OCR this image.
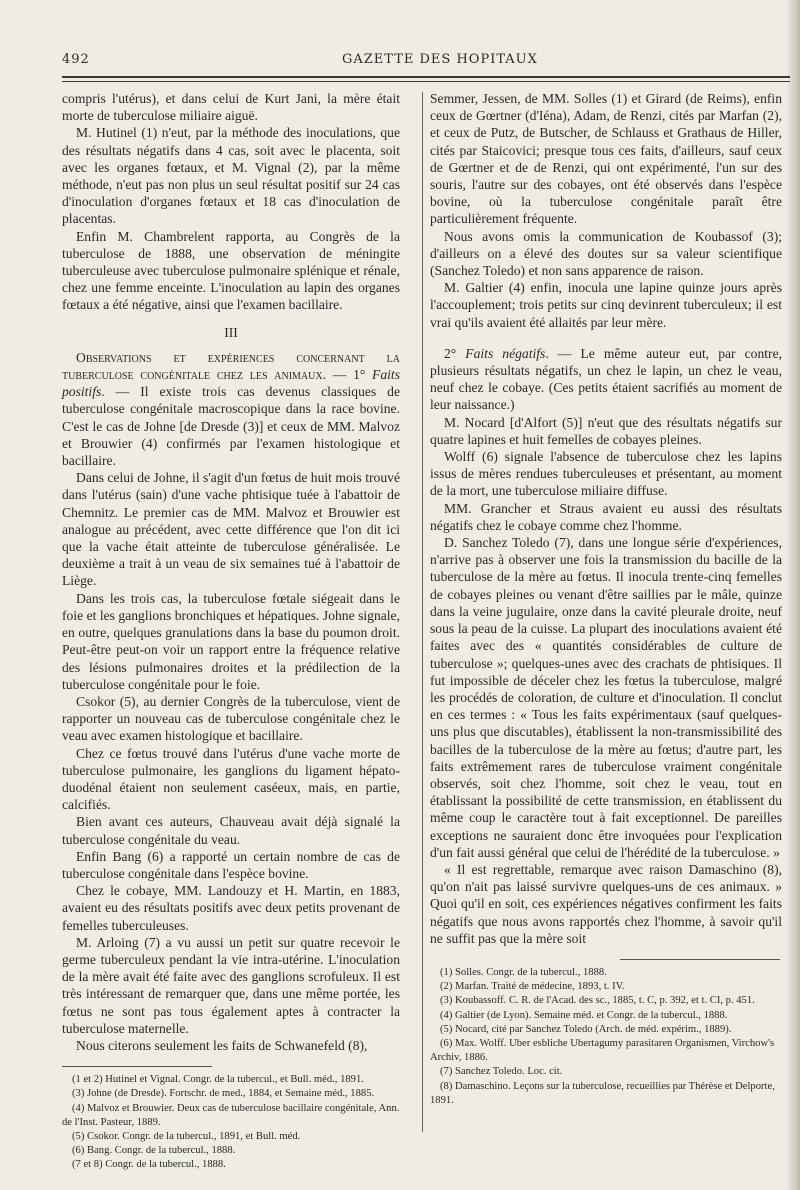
492	GAZETTE DES HOPITAUX

compris l'utérus), et dans celui de Kurt Jani, la mère était morte de tuberculose miliaire aiguë.

M. Hutinel (1) n'eut, par la méthode des inoculations, que des résultats négatifs dans 4 cas, soit avec le placenta, soit avec les organes fœtaux, et M. Vignal (2), par la même méthode, n'eut pas non plus un seul résultat positif sur 24 cas d'inoculation d'organes fœtaux et 18 cas d'inoculation de placentas.

Enfin M. Chambrelent rapporta, au Congrès de la tuberculose de 1888, une observation de méningite tuberculeuse avec tuberculose pulmonaire splénique et rénale, chez une femme enceinte. L'inoculation au lapin des organes fœtaux a été négative, ainsi que l'examen bacillaire.

III

Observations et expériences concernant la tuberculose congénitale chez les animaux. — 1° Faits positifs. — Il existe trois cas devenus classiques de tuberculose congénitale macroscopique dans la race bovine. C'est le cas de Johne [de Dresde (3)] et ceux de MM. Malvoz et Brouwier (4) confirmés par l'examen histologique et bacillaire.

Dans celui de Johne, il s'agit d'un fœtus de huit mois trouvé dans l'utérus (sain) d'une vache phtisique tuée à l'abattoir de Chemnitz. Le premier cas de MM. Malvoz et Brouwier est analogue au précédent, avec cette différence que l'on dit ici que la vache était atteinte de tuberculose généralisée. Le deuxième a trait à un veau de six semaines tué à l'abattoir de Liège.

Dans les trois cas, la tuberculose fœtale siégeait dans le foie et les ganglions bronchiques et hépatiques. Johne signale, en outre, quelques granulations dans la base du poumon droit. Peut-être peut-on voir un rapport entre la fréquence relative des lésions pulmonaires droites et la prédilection de la tuberculose congénitale pour le foie.

Csokor (5), au dernier Congrès de la tuberculose, vient de rapporter un nouveau cas de tuberculose congénitale chez le veau avec examen histologique et bacillaire.

Chez ce fœtus trouvé dans l'utérus d'une vache morte de tuberculose pulmonaire, les ganglions du ligament hépato-duodénal étaient non seulement caséeux, mais, en partie, calcifiés.

Bien avant ces auteurs, Chauveau avait déjà signalé la tuberculose congénitale du veau.

Enfin Bang (6) a rapporté un certain nombre de cas de tuberculose congénitale dans l'espèce bovine.

Chez le cobaye, MM. Landouzy et H. Martin, en 1883, avaient eu des résultats positifs avec deux petits provenant de femelles tuberculeuses.

M. Arloing (7) a vu aussi un petit sur quatre recevoir le germe tuberculeux pendant la vie intra-utérine. L'inoculation de la mère avait été faite avec des ganglions scrofuleux. Il est très intéressant de remarquer que, dans une même portée, les fœtus ne sont pas tous également aptes à contracter la tuberculose maternelle.

Nous citerons seulement les faits de Schwanefeld (8),

(1 et 2) Hutinel et Vignal. Congr. de la tubercul., et Bull. méd., 1891.
(3) Johne (de Dresde). Fortschr. de med., 1884, et Semaine méd., 1885.
(4) Malvoz et Brouwier. Deux cas de tuberculose bacillaire congénitale, Ann. de l'Inst. Pasteur, 1889.
(5) Csokor. Congr. de la tubercul., 1891, et Bull. méd.
(6) Bang. Congr. de la tubercul., 1888.
(7 et 8) Congr. de la tubercul., 1888.

Semmer, Jessen, de MM. Solles (1) et Girard (de Reims), enfin ceux de Gœrtner (d'Iéna), Adam, de Renzi, cités par Marfan (2), et ceux de Putz, de Butscher, de Schlauss et Grathaus de Hiller, cités par Staicovici; presque tous ces faits, d'ailleurs, sauf ceux de Gœrtner et de de Renzi, qui ont expérimenté, l'un sur des souris, l'autre sur des cobayes, ont été observés dans l'espèce bovine, où la tuberculose congénitale paraît être particulièrement fréquente.

Nous avons omis la communication de Koubassof (3); d'ailleurs on a élevé des doutes sur sa valeur scientifique (Sanchez Toledo) et non sans apparence de raison.

M. Galtier (4) enfin, inocula une lapine quinze jours après l'accouplement; trois petits sur cinq devinrent tuberculeux; il est vrai qu'ils avaient été allaités par leur mère.

2° Faits négatifs. — Le même auteur eut, par contre, plusieurs résultats négatifs, un chez le lapin, un chez le veau, neuf chez le cobaye. (Ces petits étaient sacrifiés au moment de leur naissance.)

M. Nocard [d'Alfort (5)] n'eut que des résultats négatifs sur quatre lapines et huit femelles de cobayes pleines.

Wolff (6) signale l'absence de tuberculose chez les lapins issus de mères rendues tuberculeuses et présentant, au moment de la mort, une tuberculose miliaire diffuse.

MM. Grancher et Straus avaient eu aussi des résultats négatifs chez le cobaye comme chez l'homme.

D. Sanchez Toledo (7), dans une longue série d'expériences, n'arrive pas à observer une fois la transmission du bacille de la tuberculose de la mère au fœtus. Il inocula trente-cinq femelles de cobayes pleines ou venant d'être saillies par le mâle, quinze dans la veine jugulaire, onze dans la cavité pleurale droite, neuf sous la peau de la cuisse. La plupart des inoculations avaient été faites avec des « quantités considérables de culture de tuberculose »; quelques-unes avec des crachats de phtisiques. Il fut impossible de déceler chez les fœtus la tuberculose, malgré les procédés de coloration, de culture et d'inoculation. Il conclut en ces termes : « Tous les faits expérimentaux (sauf quelques-uns plus que discutables), établissent la non-transmissibilité des bacilles de la tuberculose de la mère au fœtus; d'autre part, les faits extrêmement rares de tuberculose vraiment congénitale observés, soit chez l'homme, soit chez le veau, tout en établissant la possibilité de cette transmission, en établissent du même coup le caractère tout à fait exceptionnel. De pareilles exceptions ne sauraient donc être invoquées pour l'explication d'un fait aussi général que celui de l'hérédité de la tuberculose. »

« Il est regrettable, remarque avec raison Damaschino (8), qu'on n'ait pas laissé survivre quelques-uns de ces animaux. » Quoi qu'il en soit, ces expériences négatives confirment les faits négatifs que nous avons rapportés chez l'homme, à savoir qu'il ne suffit pas que la mère soit

(1) Solles. Congr. de la tubercul., 1888.
(2) Marfan. Traité de médecine, 1893, t. IV.
(3) Koubassoff. C. R. de l'Acad. des sc., 1885, t. C, p. 392, et t. CI, p. 451.
(4) Galtier (de Lyon). Semaine méd. et Congr. de la tubercul., 1888.
(5) Nocard, cité par Sanchez Toledo (Arch. de méd. expérim., 1889).
(6) Max. Wolff. Uber esbliche Ubertagumy parasitaren Organismen, Virchow's Archiv, 1886.
(7) Sanchez Toledo. Loc. cit.
(8) Damaschino. Leçons sur la tuberculose, recueillies par Thérèse et Delporte, 1891.
